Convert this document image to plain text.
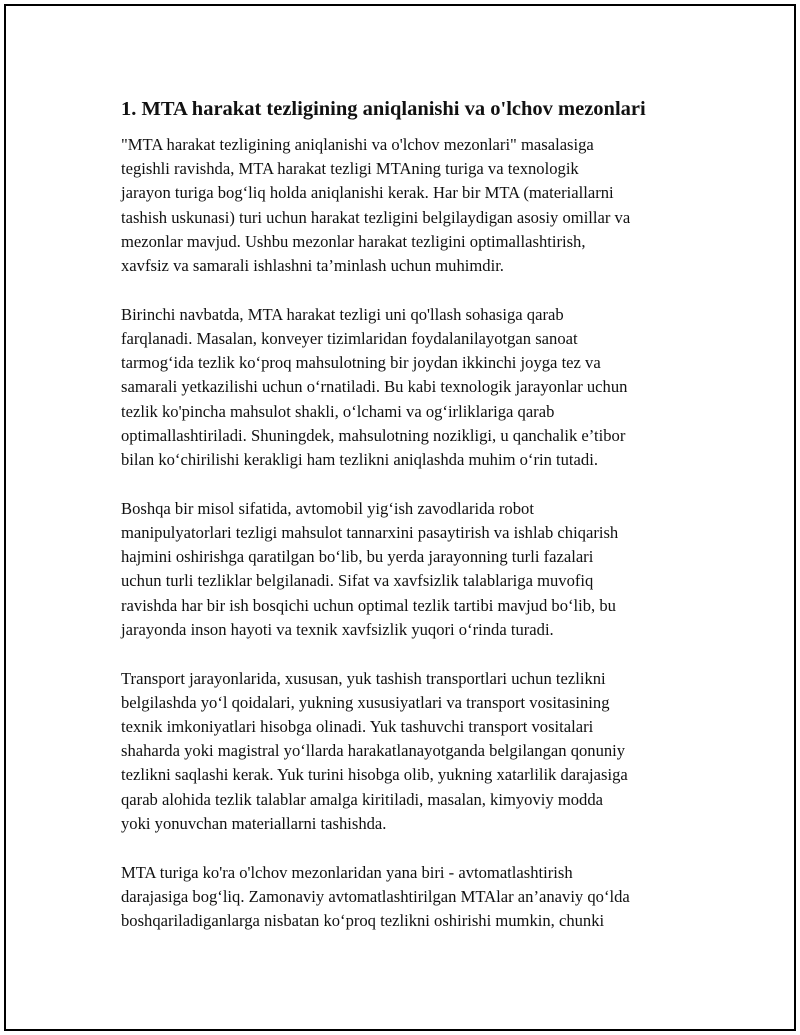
1. MTA harakat tezligining aniqlanishi va o'lchov mezonlari
"MTA harakat tezligining aniqlanishi va o'lchov mezonlari" masalasiga
tegishli ravishda, MTA harakat tezligi MTAning turiga va texnologik
jarayon turiga bog‘liq holda aniqlanishi kerak. Har bir MTA (materiallarni
tashish uskunasi) turi uchun harakat tezligini belgilaydigan asosiy omillar va
mezonlar mavjud. Ushbu mezonlar harakat tezligini optimallashtirish,
xavfsiz va samarali ishlashni ta’minlash uchun muhimdir.
Birinchi navbatda, MTA harakat tezligi uni qo'llash sohasiga qarab
farqlanadi. Masalan, konveyer tizimlaridan foydalanilayotgan sanoat
tarmog‘ida tezlik ko‘proq mahsulotning bir joydan ikkinchi joyga tez va
samarali yetkazilishi uchun o‘rnatiladi. Bu kabi texnologik jarayonlar uchun
tezlik ko'pincha mahsulot shakli, o‘lchami va og‘irliklariga qarab
optimallashtiriladi. Shuningdek, mahsulotning nozikligi, u qanchalik e’tibor
bilan ko‘chirilishi kerakligi ham tezlikni aniqlashda muhim o‘rin tutadi.
Boshqa bir misol sifatida, avtomobil yig‘ish zavodlarida robot
manipulyatorlari tezligi mahsulot tannarxini pasaytirish va ishlab chiqarish
hajmini oshirishga qaratilgan bo‘lib, bu yerda jarayonning turli fazalari
uchun turli tezliklar belgilanadi. Sifat va xavfsizlik talablariga muvofiq
ravishda har bir ish bosqichi uchun optimal tezlik tartibi mavjud bo‘lib, bu
jarayonda inson hayoti va texnik xavfsizlik yuqori o‘rinda turadi.
Transport jarayonlarida, xususan, yuk tashish transportlari uchun tezlikni
belgilashda yo‘l qoidalari, yukning xususiyatlari va transport vositasining
texnik imkoniyatlari hisobga olinadi. Yuk tashuvchi transport vositalari
shaharda yoki magistral yo‘llarda harakatlanayotganda belgilangan qonuniy
tezlikni saqlashi kerak. Yuk turini hisobga olib, yukning xatarlilik darajasiga
qarab alohida tezlik talablar amalga kiritiladi, masalan, kimyoviy modda
yoki yonuvchan materiallarni tashishda.
MTA turiga ko'ra o'lchov mezonlaridan yana biri - avtomatlashtirish
darajasiga bog‘liq. Zamonaviy avtomatlashtirilgan MTAlar an’anaviy qo‘lda
boshqariladiganlarga nisbatan ko‘proq tezlikni oshirishi mumkin, chunki
